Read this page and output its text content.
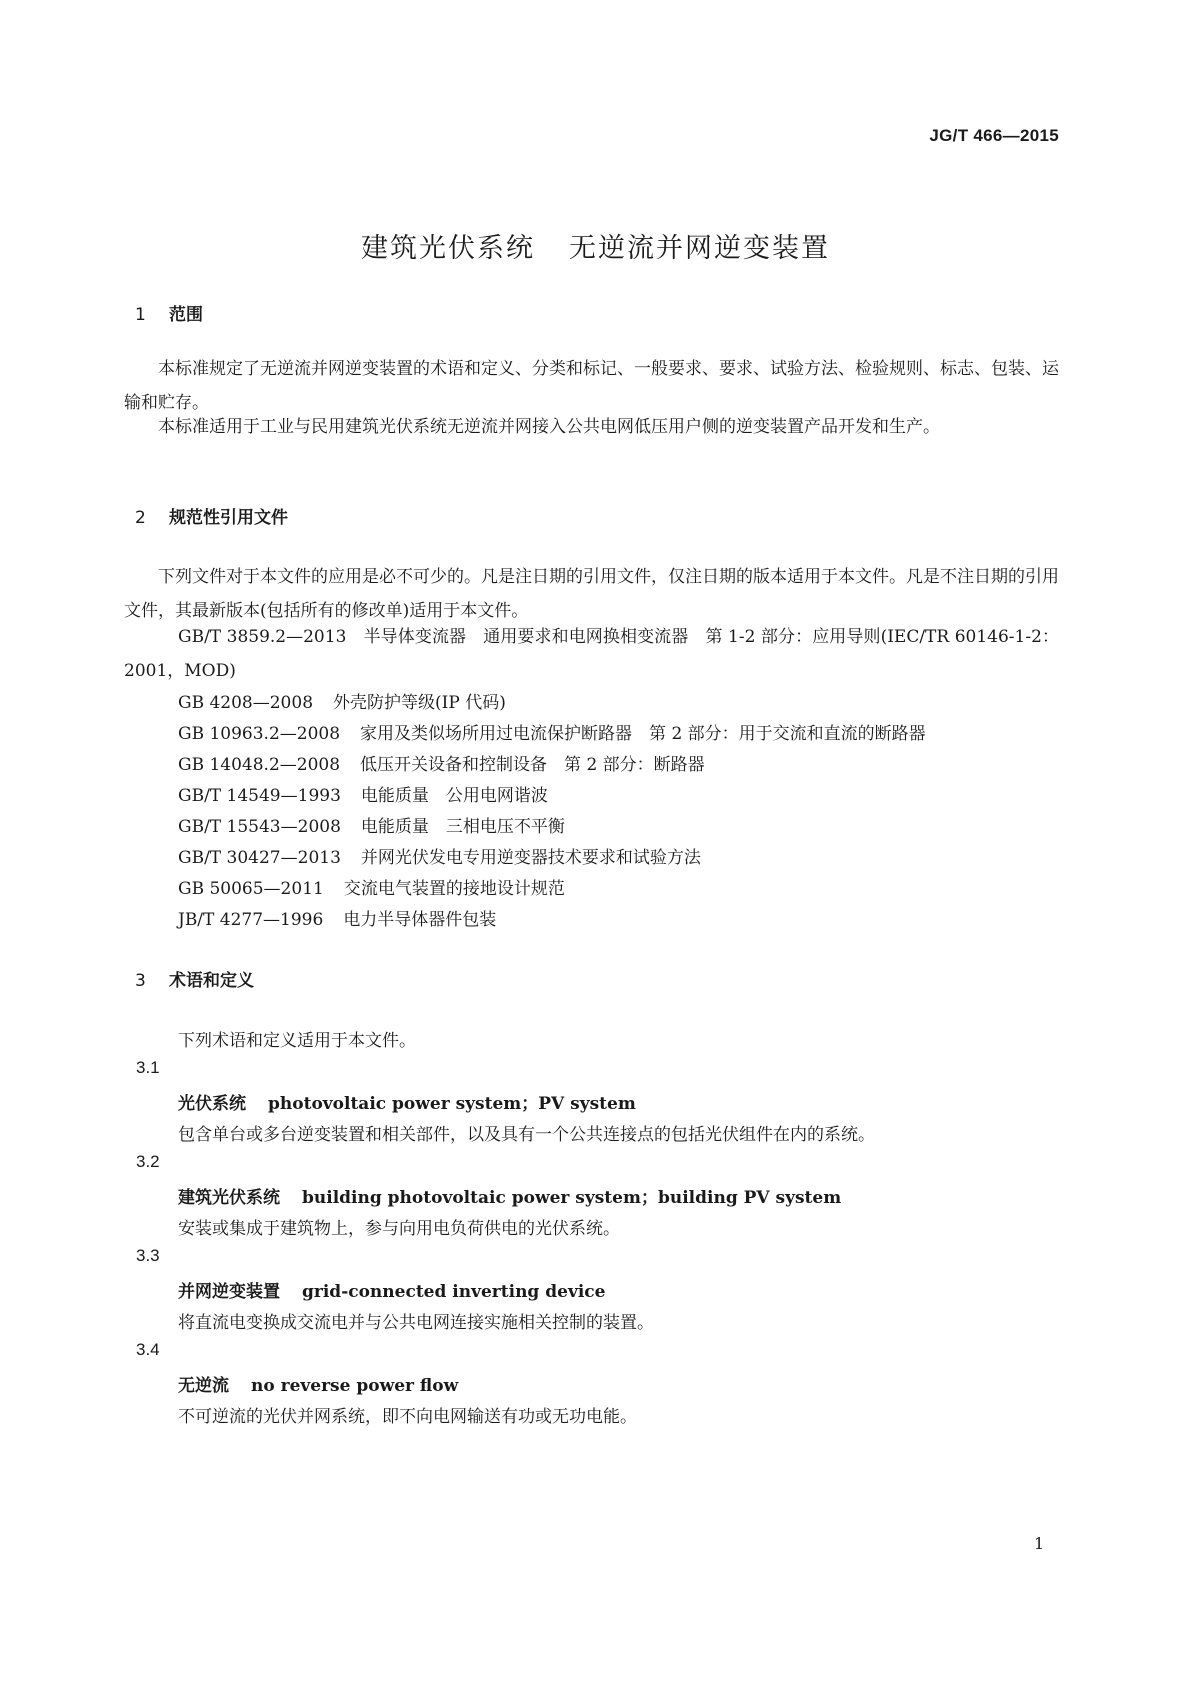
JG/T 466—2015
建筑光伏系统 无逆流并网逆变装置
1 范围

本标准规定了无逆流并网逆变装置的术语和定义、分类和标记、一般要求、要求、试验方法、检验规则、标志、包装、运输和贮存。

本标准适用于工业与民用建筑光伏系统无逆流并网接入公共电网低压用户侧的逆变装置产品开发和生产。

2 规范性引用文件

下列文件对于本文件的应用是必不可少的。凡是注日期的引用文件，仅注日期的版本适用于本文件。凡是不注日期的引用文件，其最新版本(包括所有的修改单)适用于本文件。

GB/T 3859.2—2013　半导体变流器　通用要求和电网换相变流器　第 1-2 部分：应用导则(IEC/TR 60146-1-2：2001，MOD)

GB 4208—2008 外壳防护等级(IP 代码)
GB 10963.2—2008 家用及类似场所用过电流保护断路器　第 2 部分：用于交流和直流的断路器
GB 14048.2—2008 低压开关设备和控制设备　第 2 部分：断路器
GB/T 14549—1993 电能质量　公用电网谐波
GB/T 15543—2008 电能质量　三相电压不平衡
GB/T 30427—2013 并网光伏发电专用逆变器技术要求和试验方法
GB 50065—2011 交流电气装置的接地设计规范
JB/T 4277—1996 电力半导体器件包装
3 术语和定义
下列术语和定义适用于本文件。
3.1
光伏系统 photovoltaic power system；PV system
包含单台或多台逆变装置和相关部件，以及具有一个公共连接点的包括光伏组件在内的系统。
3.2
建筑光伏系统 building photovoltaic power system；building PV system
安装或集成于建筑物上，参与向用电负荷供电的光伏系统。
3.3
并网逆变装置 grid-connected inverting device
将直流电变换成交流电并与公共电网连接实施相关控制的装置。
3.4
无逆流 no reverse power flow
不可逆流的光伏并网系统，即不向电网输送有功或无功电能。
1
